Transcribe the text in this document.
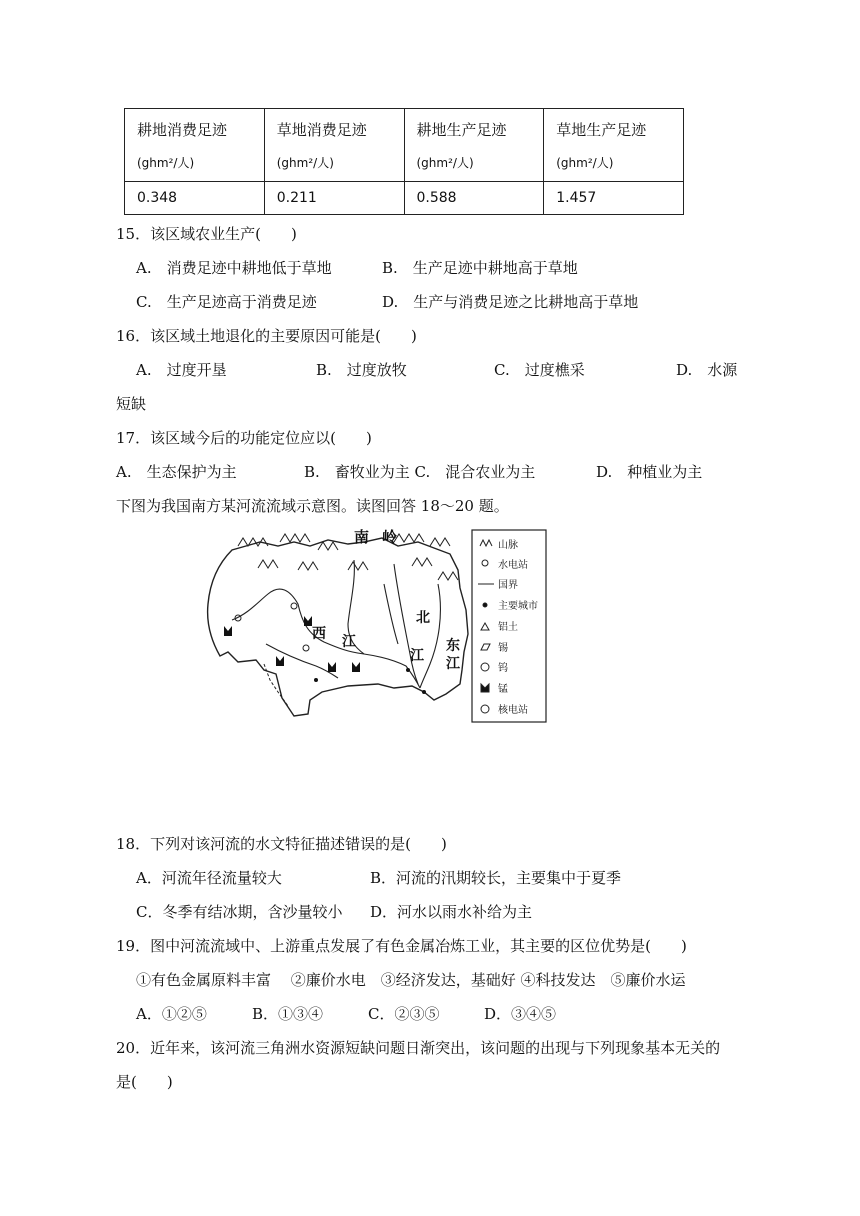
耕地消费足迹
(ghm²/人)	草地消费足迹
(ghm²/人)	耕地生产足迹
(ghm²/人)	草地生产足迹
(ghm²/人)

0.348	0.211	0.588	1.457
15．该区域农业生产(　　)
A.　消费足迹中耕地低于草地	B.　生产足迹中耕地高于草地
C.　生产足迹高于消费足迹	D.　生产与消费足迹之比耕地高于草地
16．该区域土地退化的主要原因可能是(　　)
A.　过度开垦	B.　过度放牧	C.　过度樵采	D.　水源
短缺
17．该区域今后的功能定位应以(　　)
A.　生态保护为主	B.　畜牧业为主 C.　混合农业为主	D.　种植业为主
下图为我国南方某河流流域示意图。读图回答 18～20 题。
南 岭
西 江
北
江
东
江
山脉
水电站
国界
主要城市
铝土
锡
钨
锰
核电站
18．下列对该河流的水文特征描述错误的是(　　)
A．河流年径流量较大	B．河流的汛期较长，主要集中于夏季
C．冬季有结冰期，含沙量较小 D．河水以雨水补给为主
19．图中河流流域中、上游重点发展了有色金属冶炼工业，其主要的区位优势是(　　)
①有色金属原料丰富　 ②廉价水电　③经济发达，基础好 ④科技发达　⑤廉价水运
A．①②⑤	B．①③④	C．②③⑤	D．③④⑤
20．近年来，该河流三角洲水资源短缺问题日渐突出，该问题的出现与下列现象基本无关的
是(　　)
